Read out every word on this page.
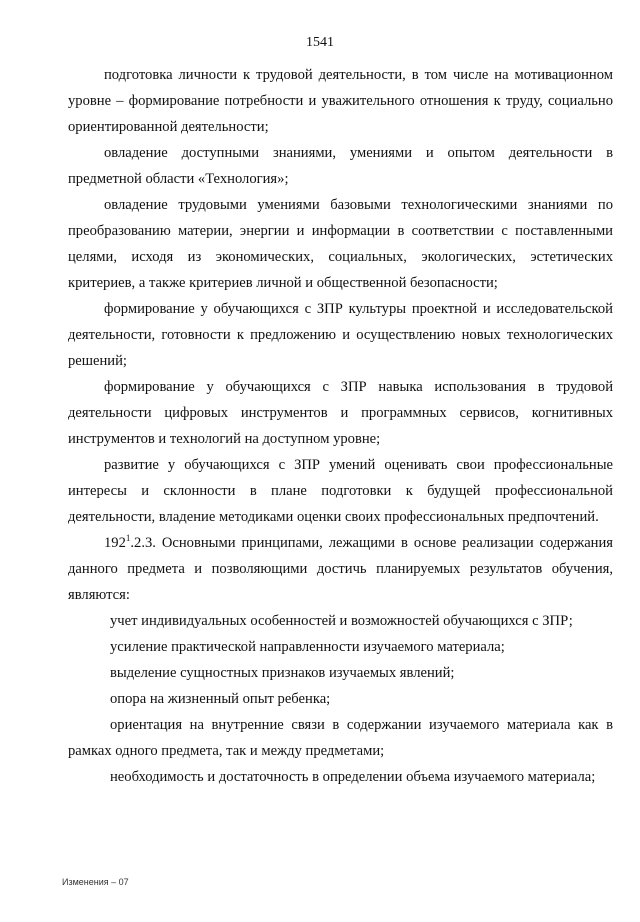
1541

подготовка личности к трудовой деятельности, в том числе на мотивационном уровне – формирование потребности и уважительного отношения к труду, социально ориентированной деятельности;

овладение доступными знаниями, умениями и опытом деятельности в предметной области «Технология»;

овладение трудовыми умениями базовыми технологическими знаниями по преобразованию материи, энергии и информации в соответствии с поставленными целями, исходя из экономических, социальных, экологических, эстетических критериев, а также критериев личной и общественной безопасности;

формирование у обучающихся с ЗПР культуры проектной и исследовательской деятельности, готовности к предложению и осуществлению новых технологических решений;

формирование у обучающихся с ЗПР навыка использования в трудовой деятельности цифровых инструментов и программных сервисов, когнитивных инструментов и технологий на доступном уровне;

развитие у обучающихся с ЗПР умений оценивать свои профессиональные интересы и склонности в плане подготовки к будущей профессиональной деятельности, владение методиками оценки своих профессиональных предпочтений.

$192^1.2.3$. Основными принципами, лежащими в основе реализации содержания данного предмета и позволяющими достичь планируемых результатов обучения, являются:

учет индивидуальных особенностей и возможностей обучающихся с ЗПР;

усиление практической направленности изучаемого материала;

выделение сущностных признаков изучаемых явлений;

опора на жизненный опыт ребенка;

ориентация на внутренние связи в содержании изучаемого материала как в рамках одного предмета, так и между предметами;

необходимость и достаточность в определении объема изучаемого материала;

Изменения – 07
